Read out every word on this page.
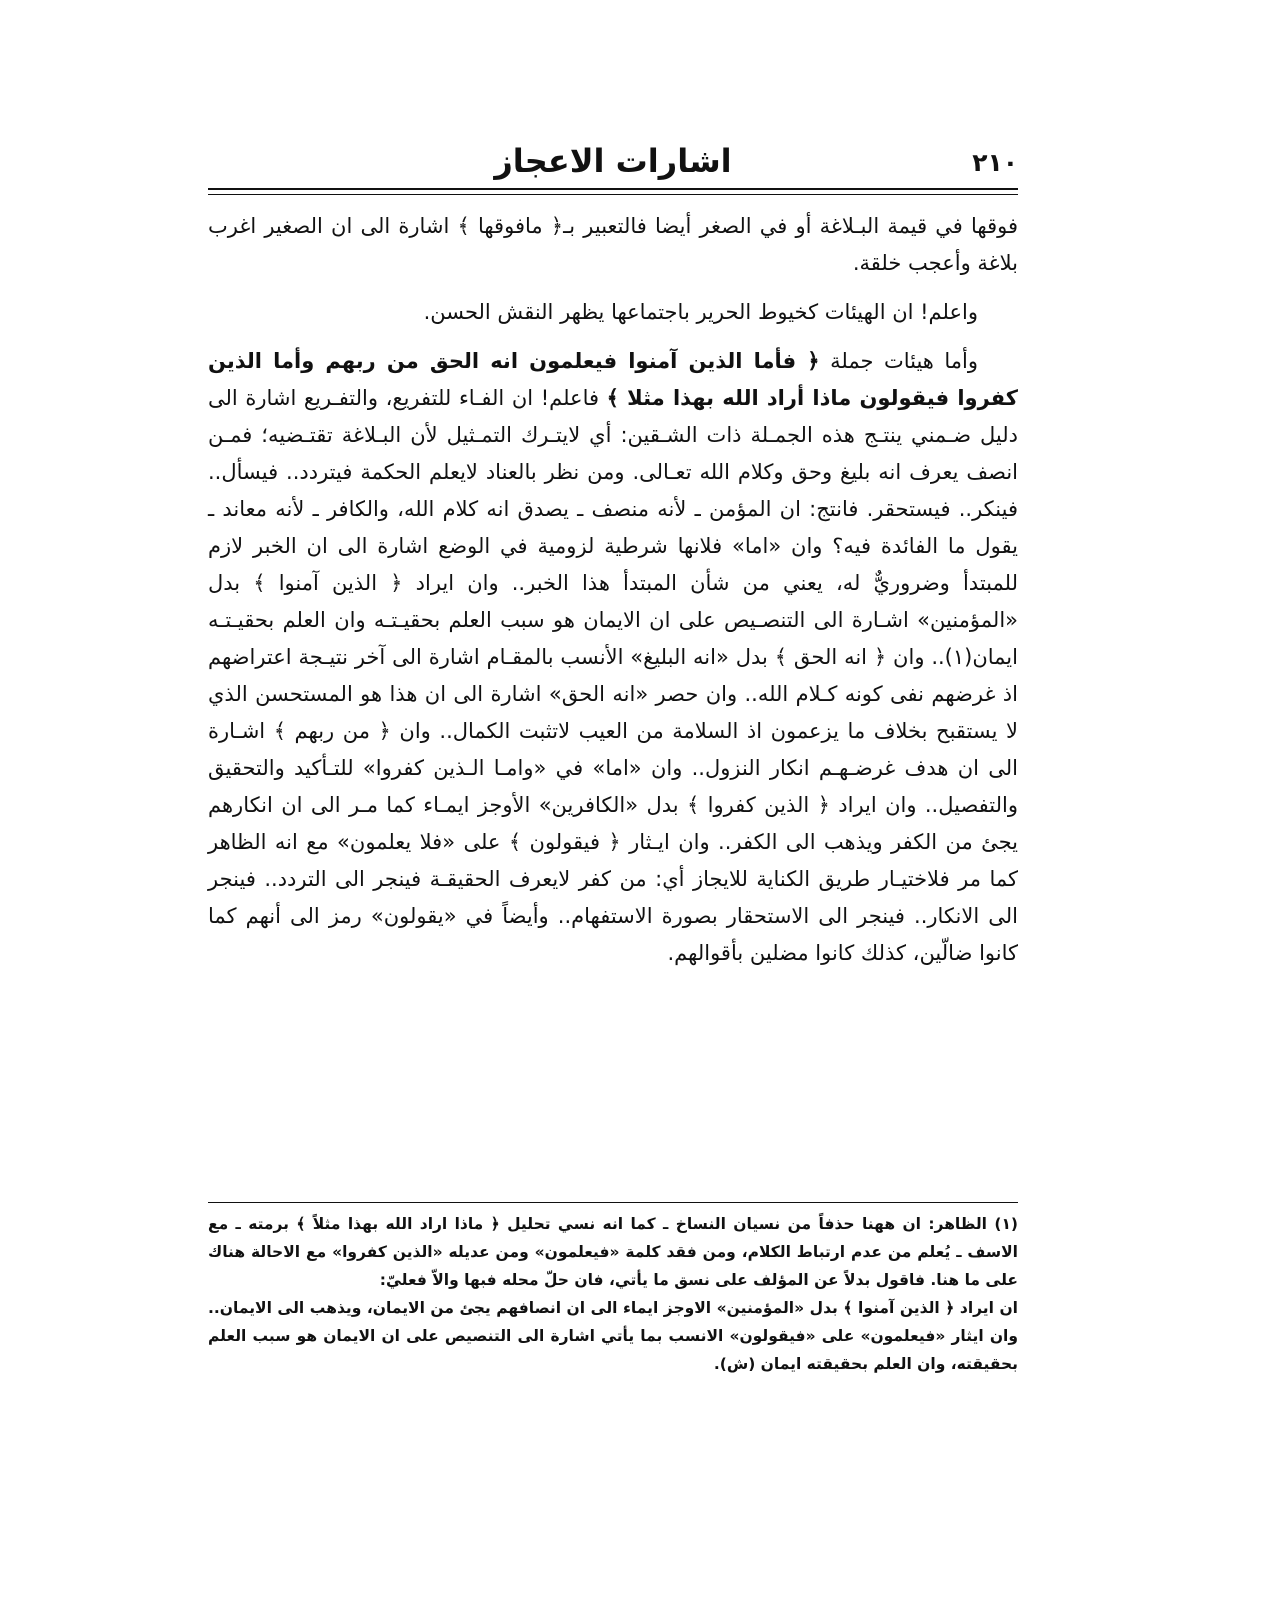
٢١٠
اشارات الاعجاز

فوقها في قيمة البـلاغة أو في الصغر أيضا فالتعبير بـ﴿ مافوقها ﴾ اشارة الى ان الصغير اغرب بلاغة وأعجب خلقة.

واعلم! ان الهيئات كخيوط الحرير باجتماعها يظهر النقش الحسن.

وأما هيئات جملة ﴿ فأما الذين آمنوا فيعلمون انه الحق من ربهم وأما الذين كفروا فيقولون ماذا أراد الله بهذا مثلا ﴾ فاعلم! ان الفـاء للتفريع، والتفـريع اشارة الى دليل ضـمني ينتـج هذه الجمـلة ذات الشـقين: أي لايتـرك التمـثيل لأن البـلاغة تقتـضيه؛ فمـن انصف يعرف انه بليغ وحق وكلام الله تعـالى. ومن نظر بالعناد لايعلم الحكمة فيتردد.. فيسأل.. فينكر.. فيستحقر. فانتج: ان المؤمن ـ لأنه منصف ـ يصدق انه كلام الله، والكافر ـ لأنه معاند ـ يقول ما الفائدة فيه؟ وان «اما» فلانها شرطية لزومية في الوضع اشارة الى ان الخبر لازم للمبتدأ وضروريٌّ له، يعني من شأن المبتدأ هذا الخبر.. وان ايراد ﴿ الذين آمنوا ﴾ بدل «المؤمنين» اشـارة الى التنصـيص على ان الايمان هو سبب العلم بحقيـتـه وان العلم بحقيـتـه ايمان(١).. وان ﴿ انه الحق ﴾ بدل «انه البليغ» الأنسب بالمقـام اشارة الى آخر نتيـجة اعتراضهم اذ غرضهم نفى كونه كـلام الله.. وان حصر «انه الحق» اشارة الى ان هذا هو المستحسن الذي لا يستقبح بخلاف ما يزعمون اذ السلامة من العيب لاتثبت الكمال.. وان ﴿ من ربهم ﴾ اشـارة الى ان هدف غرضـهـم انكار النزول.. وان «اما» في «وامـا الـذين كفروا» للتـأكيد والتحقيق والتفصيل.. وان ايراد ﴿ الذين كفروا ﴾ بدل «الكافرين» الأوجز ايمـاء كما مـر الى ان انكارهم يجئ من الكفر ويذهب الى الكفر.. وان ايـثار ﴿ فيقولون ﴾ على «فلا يعلمون» مع انه الظاهر كما مر فلاختيـار طريق الكناية للايجاز أي: من كفر لايعرف الحقيقـة فينجر الى التردد.. فينجر الى الانكار.. فينجر الى الاستحقار بصورة الاستفهام.. وأيضاً في «يقولون» رمز الى أنهم كما كانوا ضالّين، كذلك كانوا مضلين بأقوالهم.

(١) الظاهر: ان ههنا حذفاً من نسيان النساخ ـ كما انه نسي تحليل ﴿ ماذا اراد الله بهذا مثلاً ﴾ برمته ـ مع الاسف ـ يُعلم من عدم ارتباط الكلام، ومن فقد كلمة «فيعلمون» ومن عديله «الذين كفروا» مع الاحالة هناك على ما هنا. فاقول بدلاً عن المؤلف على نسق ما يأتي، فان حلّ محله فبها والاّ فعليّ:

ان ايراد ﴿ الذين آمنوا ﴾ بدل «المؤمنين» الاوجز ايماء الى ان انصافهم يجئ من الايمان، ويذهب الى الايمان.. وان ايثار «فيعلمون» على «فيقولون» الانسب بما يأتي اشارة الى التنصيص على ان الايمان هو سبب العلم بحقيقته، وان العلم بحقيقته ايمان (ش).
